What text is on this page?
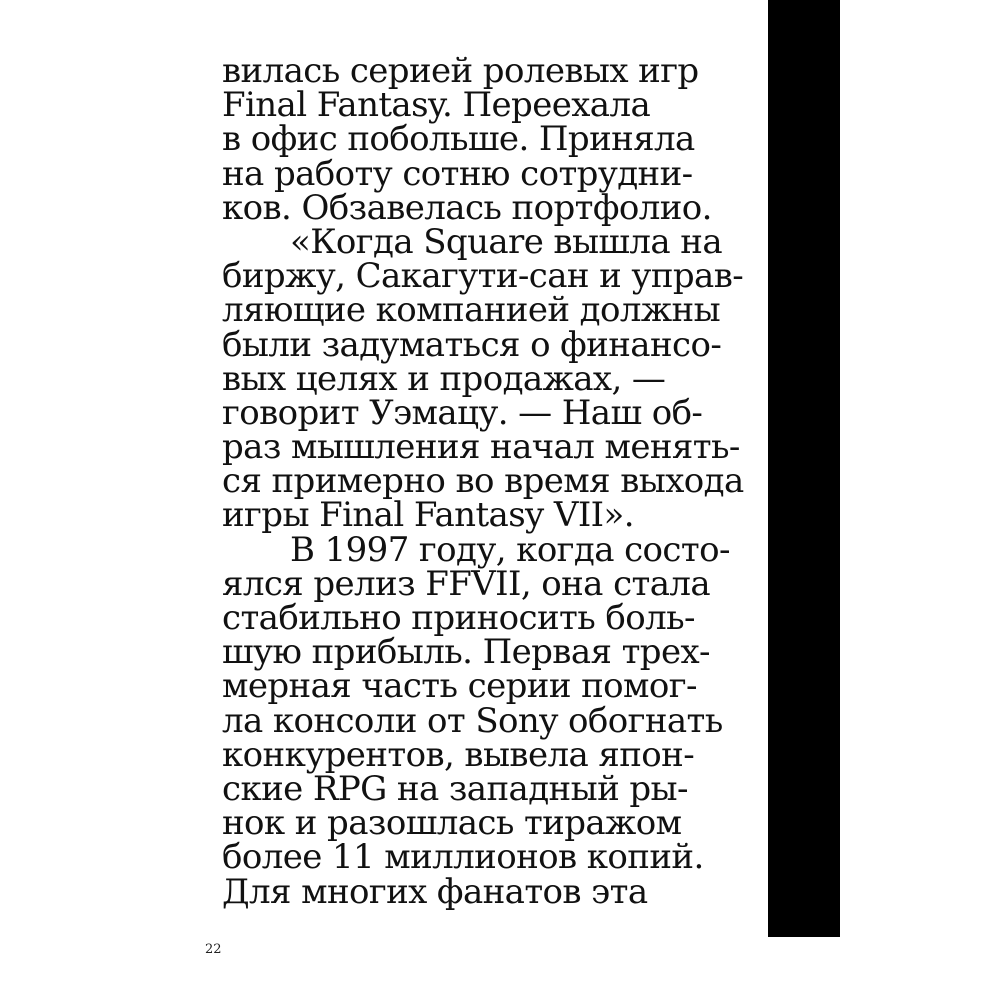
вилась серией ролевых игр
Final Fantasy. Переехала
в офис побольше. Приняла
на работу сотню сотрудни-
ков. Обзавелась портфолио.
«Когда Square вышла на
биржу, Сакагути-сан и управ-
ляющие компанией должны
были задуматься о финансо-
вых целях и продажах, —
говорит Уэмацу. — Наш об-
раз мышления начал менять-
ся примерно во время выхода
игры Final Fantasy VII».
В 1997 году, когда состо-
ялся релиз FFVII, она стала
стабильно приносить боль-
шую прибыль. Первая трех-
мерная часть серии помог-
ла консоли от Sony обогнать
конкурентов, вывела япон-
ские RPG на западный ры-
нок и разошлась тиражом
более 11 миллионов копий.
Для многих фанатов эта
22
